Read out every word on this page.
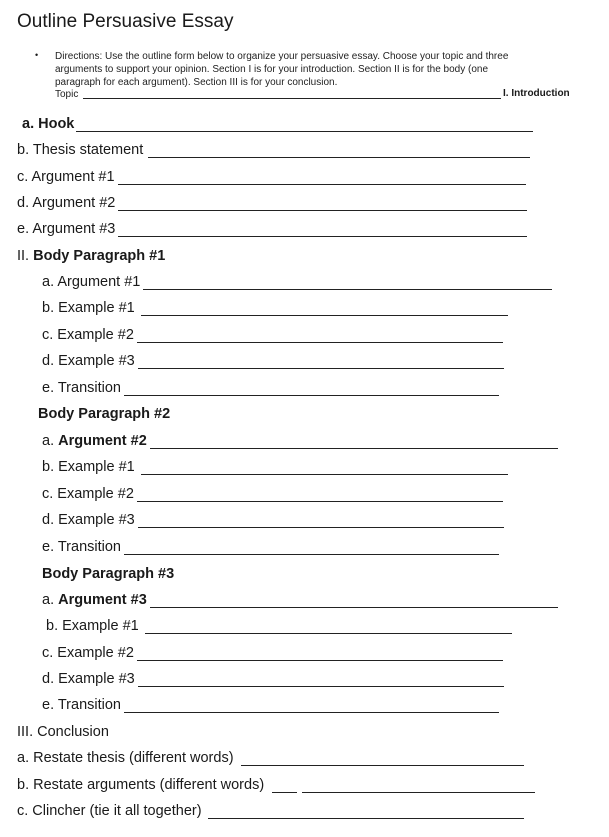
Outline Persuasive Essay
• Directions: Use the outline form below to organize your persuasive essay. Choose your topic and three
arguments to support your opinion. Section I is for your introduction. Section II is for the body (one
paragraph for each argument). Section III is for your conclusion.
Topic	I. Introduction
a. Hook
b. Thesis statement
c. Argument #1
d. Argument #2
e. Argument #3
II. Body Paragraph #1
a. Argument #1
b. Example #1
c. Example #2
d. Example #3
e. Transition
Body Paragraph #2
a. Argument #2
b. Example #1
c. Example #2
d. Example #3
e. Transition
Body Paragraph #3
a. Argument #3
b. Example #1
c. Example #2
d. Example #3
e. Transition
III. Conclusion
a. Restate thesis (different words)
b. Restate arguments (different words)
c. Clincher (tie it all together)
